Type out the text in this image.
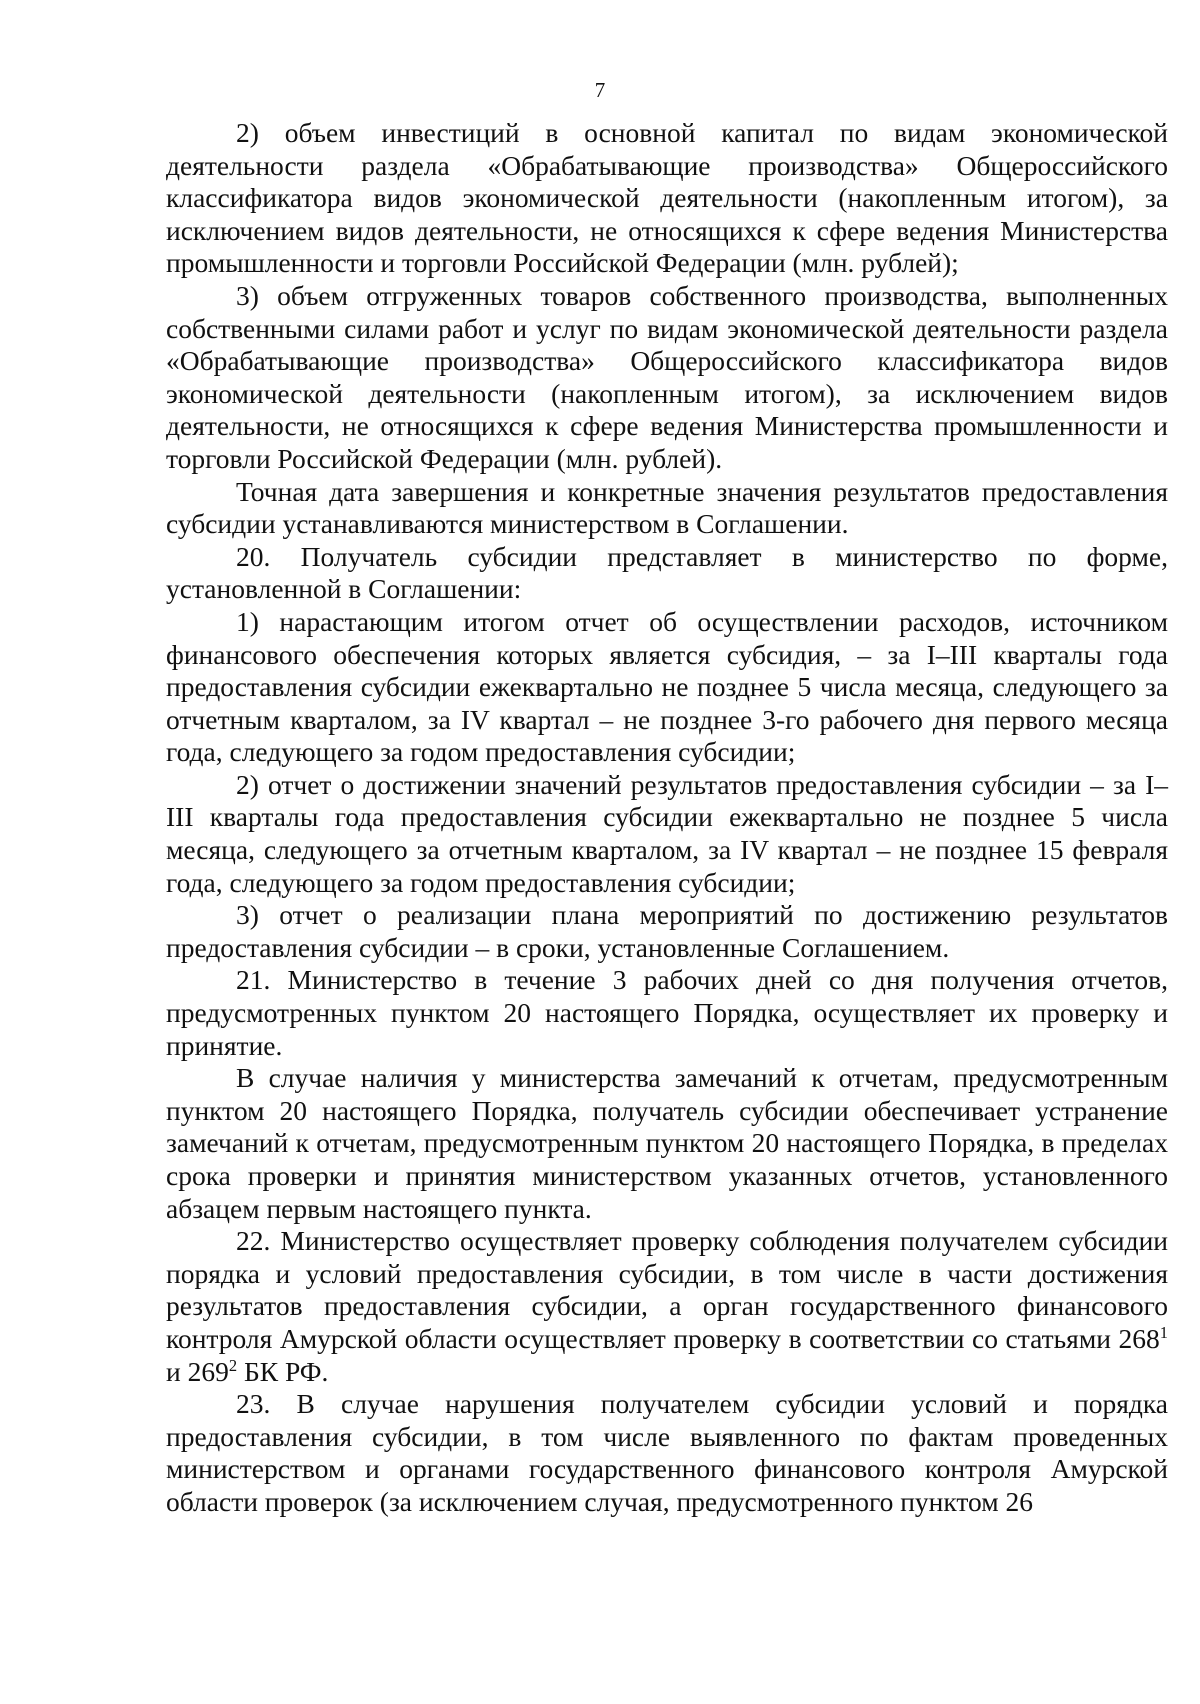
7

2) объем инвестиций в основной капитал по видам экономической деятельности раздела «Обрабатывающие производства» Общероссийского классификатора видов экономической деятельности (накопленным итогом), за исключением видов деятельности, не относящихся к сфере ведения Министерства промышленности и торговли Российской Федерации (млн. рублей);

3) объем отгруженных товаров собственного производства, выполненных собственными силами работ и услуг по видам экономической деятельности раздела «Обрабатывающие производства» Общероссийского классификатора видов экономической деятельности (накопленным итогом), за исключением видов деятельности, не относящихся к сфере ведения Министерства промышленности и торговли Российской Федерации (млн. рублей).

Точная дата завершения и конкретные значения результатов предоставления субсидии устанавливаются министерством в Соглашении.

20. Получатель субсидии представляет в министерство по форме, установленной в Соглашении:

1) нарастающим итогом отчет об осуществлении расходов, источником финансового обеспечения которых является субсидия, – за I–III кварталы года предоставления субсидии ежеквартально не позднее 5 числа месяца, следующего за отчетным кварталом, за IV квартал – не позднее 3-го рабочего дня первого месяца года, следующего за годом предоставления субсидии;

2) отчет о достижении значений результатов предоставления субсидии – за I–III кварталы года предоставления субсидии ежеквартально не позднее 5 числа месяца, следующего за отчетным кварталом, за IV квартал – не позднее 15 февраля года, следующего за годом предоставления субсидии;

3) отчет о реализации плана мероприятий по достижению результатов предоставления субсидии – в сроки, установленные Соглашением.

21. Министерство в течение 3 рабочих дней со дня получения отчетов, предусмотренных пунктом 20 настоящего Порядка, осуществляет их проверку и принятие.

В случае наличия у министерства замечаний к отчетам, предусмотренным пунктом 20 настоящего Порядка, получатель субсидии обеспечивает устранение замечаний к отчетам, предусмотренным пунктом 20 настоящего Порядка, в пределах срока проверки и принятия министерством указанных отчетов, установленного абзацем первым настоящего пункта.

22. Министерство осуществляет проверку соблюдения получателем субсидии порядка и условий предоставления субсидии, в том числе в части достижения результатов предоставления субсидии, а орган государственного финансового контроля Амурской области осуществляет проверку в соответствии со статьями $268^1$ и $269^2$ БК РФ.

23. В случае нарушения получателем субсидии условий и порядка предоставления субсидии, в том числе выявленного по фактам проведенных министерством и органами государственного финансового контроля Амурской области проверок (за исключением случая, предусмотренного пунктом 26
